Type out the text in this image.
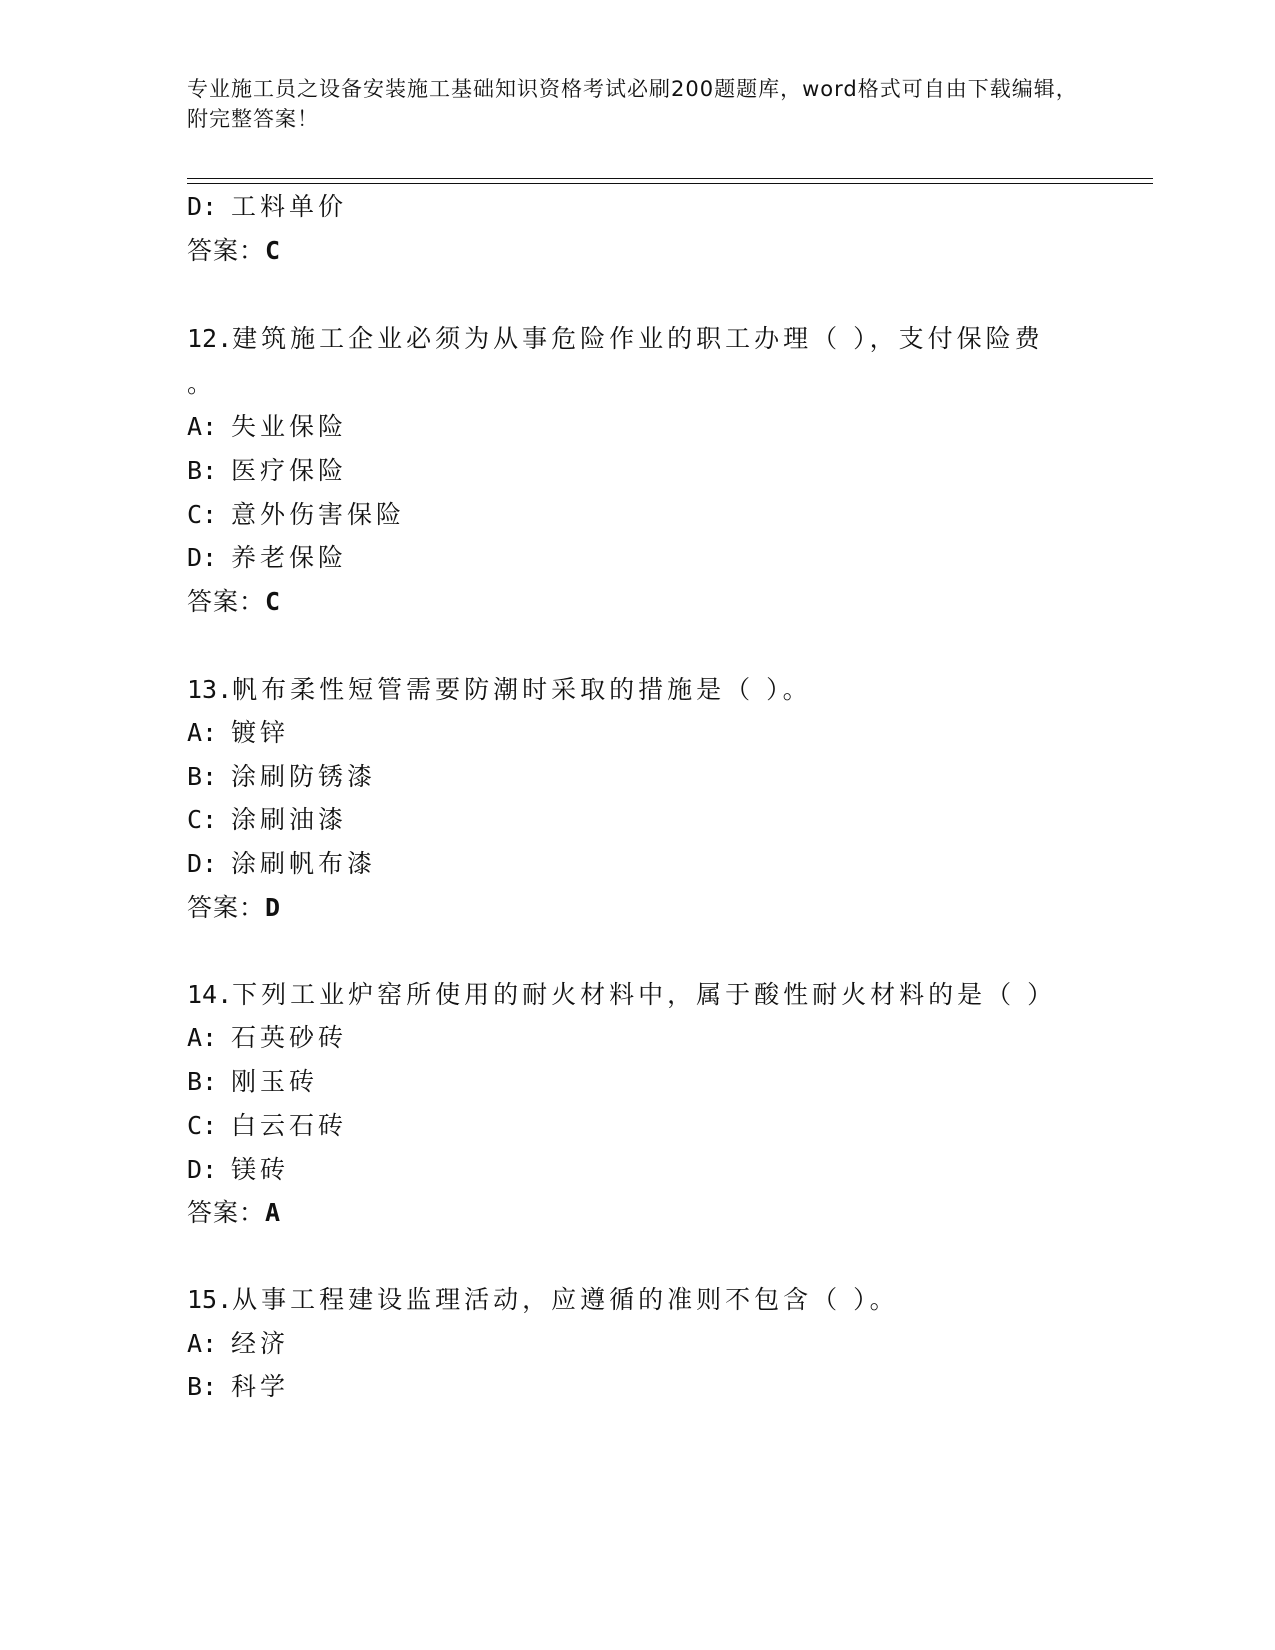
专业施工员之设备安装施工基础知识资格考试必刷200题题库，word格式可自由下载编辑，附完整答案！
D: 工料单价
答案：C
12.建筑施工企业必须为从事危险作业的职工办理（ ），支付保险费
。
A: 失业保险
B: 医疗保险
C: 意外伤害保险
D: 养老保险
答案：C
13.帆布柔性短管需要防潮时采取的措施是（ ）。
A: 镀锌
B: 涂刷防锈漆
C: 涂刷油漆
D: 涂刷帆布漆
答案：D
14.下列工业炉窑所使用的耐火材料中，属于酸性耐火材料的是（ ）
A: 石英砂砖
B: 刚玉砖
C: 白云石砖
D: 镁砖
答案：A
15.从事工程建设监理活动，应遵循的准则不包含（ ）。
A: 经济
B: 科学
